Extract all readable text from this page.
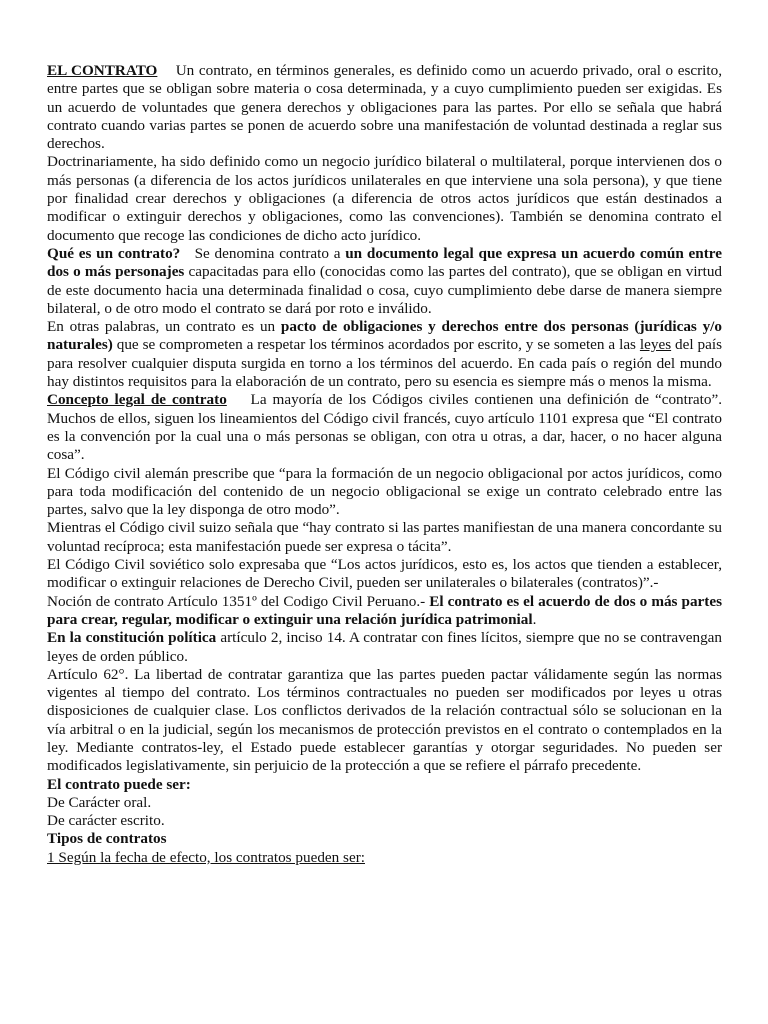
EL CONTRATO    Un contrato, en términos generales, es definido como un acuerdo privado, oral o escrito, entre partes que se obligan sobre materia o cosa determinada, y a cuyo cumplimiento pueden ser exigidas. Es un acuerdo de voluntades que genera derechos y obligaciones para las partes. Por ello se señala que habrá contrato cuando varias partes se ponen de acuerdo sobre una manifestación de voluntad destinada a reglar sus derechos.

Doctrinariamente, ha sido definido como un negocio jurídico bilateral o multilateral, porque intervienen dos o más personas (a diferencia de los actos jurídicos unilaterales en que interviene una sola persona), y que tiene por finalidad crear derechos y obligaciones (a diferencia de otros actos jurídicos que están destinados a modificar o extinguir derechos y obligaciones, como las convenciones). También se denomina contrato el documento que recoge las condiciones de dicho acto jurídico.

Qué es un contrato?   Se denomina contrato a un documento legal que expresa un acuerdo común entre dos o más personajes capacitadas para ello (conocidas como las partes del contrato), que se obligan en virtud de este documento hacia una determinada finalidad o cosa, cuyo cumplimiento debe darse de manera siempre bilateral, o de otro modo el contrato se dará por roto e inválido.

En otras palabras, un contrato es un pacto de obligaciones y derechos entre dos personas (jurídicas y/o naturales) que se comprometen a respetar los términos acordados por escrito, y se someten a las leyes del país para resolver cualquier disputa surgida en torno a los términos del acuerdo. En cada país o región del mundo hay distintos requisitos para la elaboración de un contrato, pero su esencia es siempre más o menos la misma.

Concepto legal de contrato    La mayoría de los Códigos civiles contienen una definición de “contrato”. Muchos de ellos, siguen los lineamientos del Código civil francés, cuyo artículo 1101 expresa que “El contrato es la convención por la cual una o más personas se obligan, con otra u otras, a dar, hacer, o no hacer alguna cosa”.

El Código civil alemán prescribe que “para la formación de un negocio obligacional por actos jurídicos, como para toda modificación del contenido de un negocio obligacional se exige un contrato celebrado entre las partes, salvo que la ley disponga de otro modo”.

Mientras el Código civil suizo señala que “hay contrato si las partes manifiestan de una manera concordante su voluntad recíproca; esta manifestación puede ser expresa o tácita”.

El Código Civil soviético solo expresaba que “Los actos jurídicos, esto es, los actos que tienden a establecer, modificar o extinguir relaciones de Derecho Civil, pueden ser unilaterales o bilaterales (contratos)”.-

Noción de contrato Artículo 1351º del Codigo Civil Peruano.- El contrato es el acuerdo de dos o más partes para crear, regular, modificar o extinguir una relación jurídica patrimonial.

En la constitución política artículo 2, inciso 14. A contratar con fines lícitos, siempre que no se contravengan leyes de orden público.

Artículo 62°. La libertad de contratar garantiza que las partes pueden pactar válidamente según las normas vigentes al tiempo del contrato. Los términos contractuales no pueden ser modificados por leyes u otras disposiciones de cualquier clase. Los conflictos derivados de la relación contractual sólo se solucionan en la vía arbitral o en la judicial, según los mecanismos de protección previstos en el contrato o contemplados en la ley. Mediante contratos-ley, el Estado puede establecer garantías y otorgar seguridades. No pueden ser modificados legislativamente, sin perjuicio de la protección a que se refiere el párrafo precedente.

El contrato puede ser:

De Carácter oral.

De carácter escrito.

Tipos de contratos

1 Según la fecha de efecto, los contratos pueden ser:
